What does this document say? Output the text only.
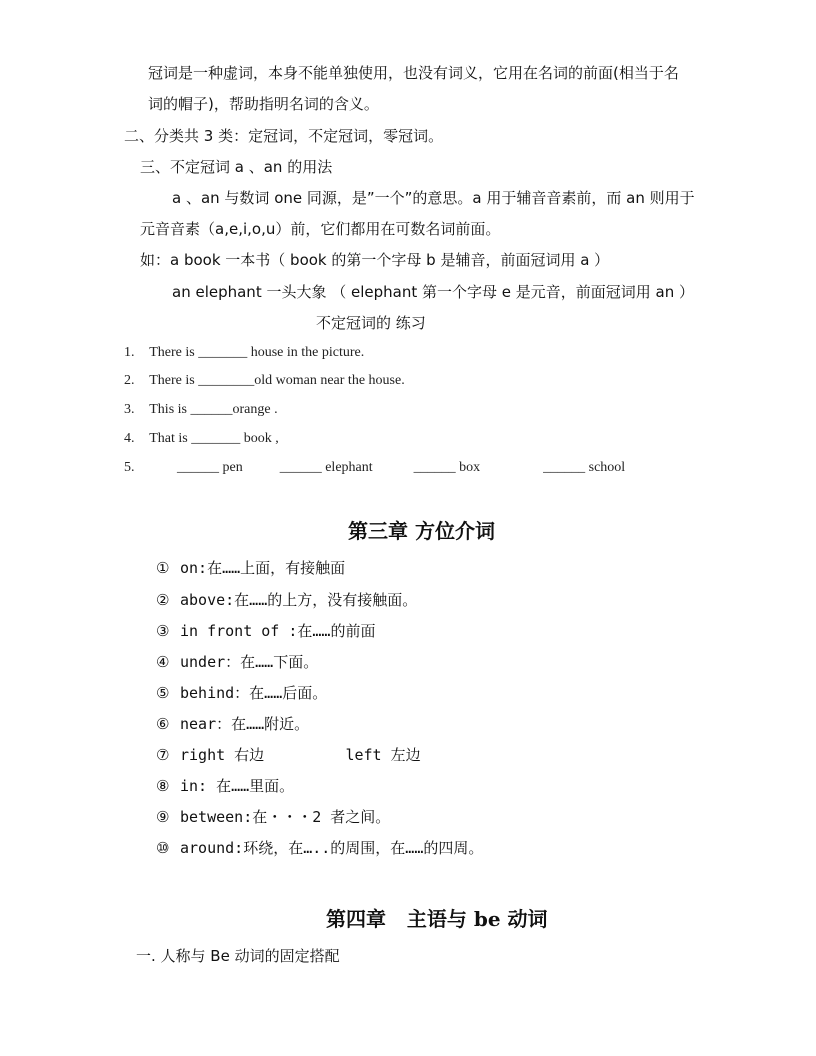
冠词是一种虚词，本身不能单独使用，也没有词义，它用在名词的前面(相当于名
词的帽子)，帮助指明名词的含义。
二、分类共 3 类：定冠词，不定冠词，零冠词。
三、不定冠词 a 、an 的用法
a 、an 与数词 one 同源，是”一个”的意思。a 用于辅音音素前，而 an 则用于
元音音素（a,e,i,o,u）前，它们都用在可数名词前面。
如：a book 一本书（ book 的第一个字母 b 是辅音，前面冠词用 a ）
an elephant 一头大象 （ elephant 第一个字母 e 是元音，前面冠词用 an ）
不定冠词的 练习
1. There is _______ house in the picture.
2. There is ________old woman near the house.
3. This is ______orange .
4. That is _______ book ,
5.	______ pen	______ elephant	______ box	______ school
第三章 方位介词
① on:在……上面，有接触面
② above:在……的上方，没有接触面。
③ in front of :在……的前面
④ under：在……下面。
⑤ behind：在……后面。
⑥ near：在……附近。
⑦ right 右边         left 左边
⑧ in: 在……里面。
⑨ between:在・・・2 者之间。
⑩ around:环绕，在…..的周围，在……的四周。
第四章   主语与 be 动词
一. 人称与 Be 动词的固定搭配
